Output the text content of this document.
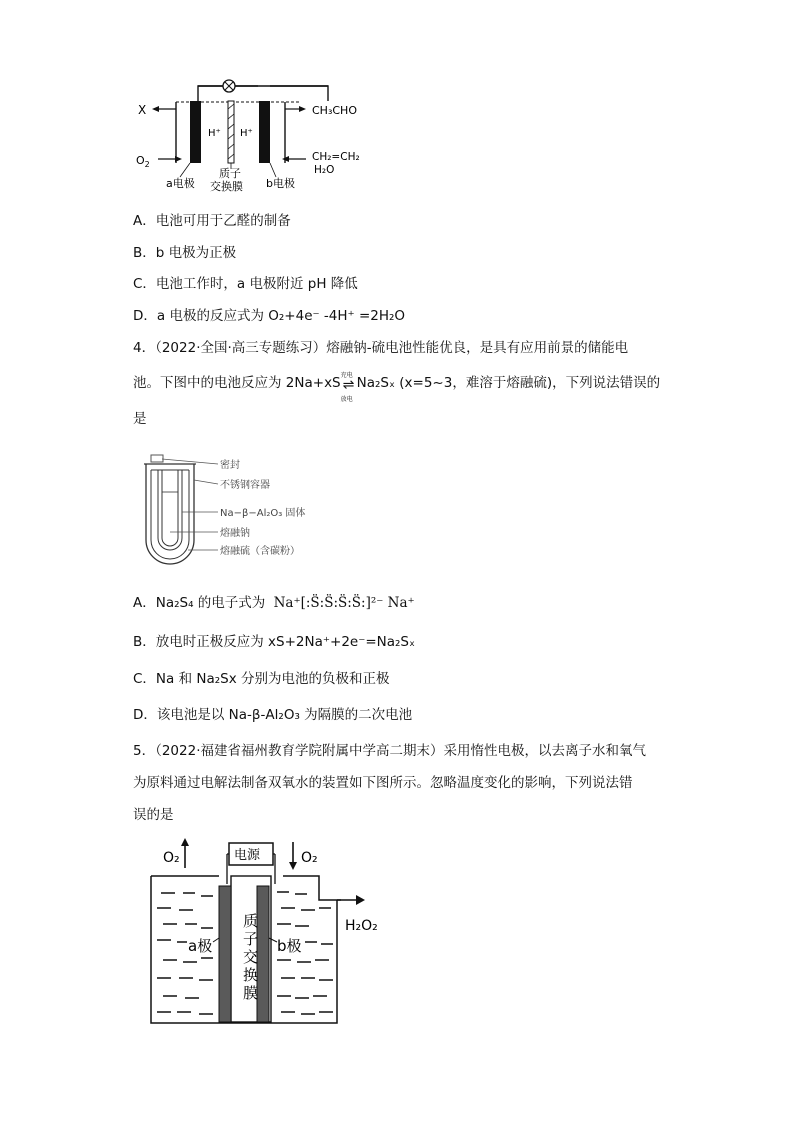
X
$O_2$
H⁺ H⁺
CH₃CHO
CH₂=CH₂
H₂O
a电极
质子
交换膜 b电极
A．电池可用于乙醛的制备
B．b 电极为正极
C．电池工作时，a 电极附近 pH 降低
D．a 电极的反应式为 O₂+4e⁻ -4H⁺ =2H₂O
4．（2022·全国·高三专题练习）熔融钠-硫电池性能优良，是具有应用前景的储能电
池。下图中的电池反应为 2Na+xS 充电
⇌
放电
Na₂Sₓ (x=5~3，难溶于熔融硫)，下列说法错误的
是
密封
不锈钢容器
Na−β−Al₂O₃ 固体
熔融钠
熔融硫（含碳粉）
A．Na₂S₄ 的电子式为 Na⁺[:S̈:S̈:S̈:S̈:]²⁻ Na⁺
B．放电时正极反应为 xS+2Na⁺+2e⁻=Na₂Sₓ
C．Na 和 Na₂Sx 分别为电池的负极和正极
D．该电池是以 Na-β-Al₂O₃ 为隔膜的二次电池
5．（2022·福建省福州教育学院附属中学高二期末）采用惰性电极，以去离子水和氧气
为原料通过电解法制备双氧水的装置如下图所示。忽略温度变化的影响，下列说法错
误的是
O₂	O₂
电源
H₂O₂
a极	b极
质
子
交
换
膜
